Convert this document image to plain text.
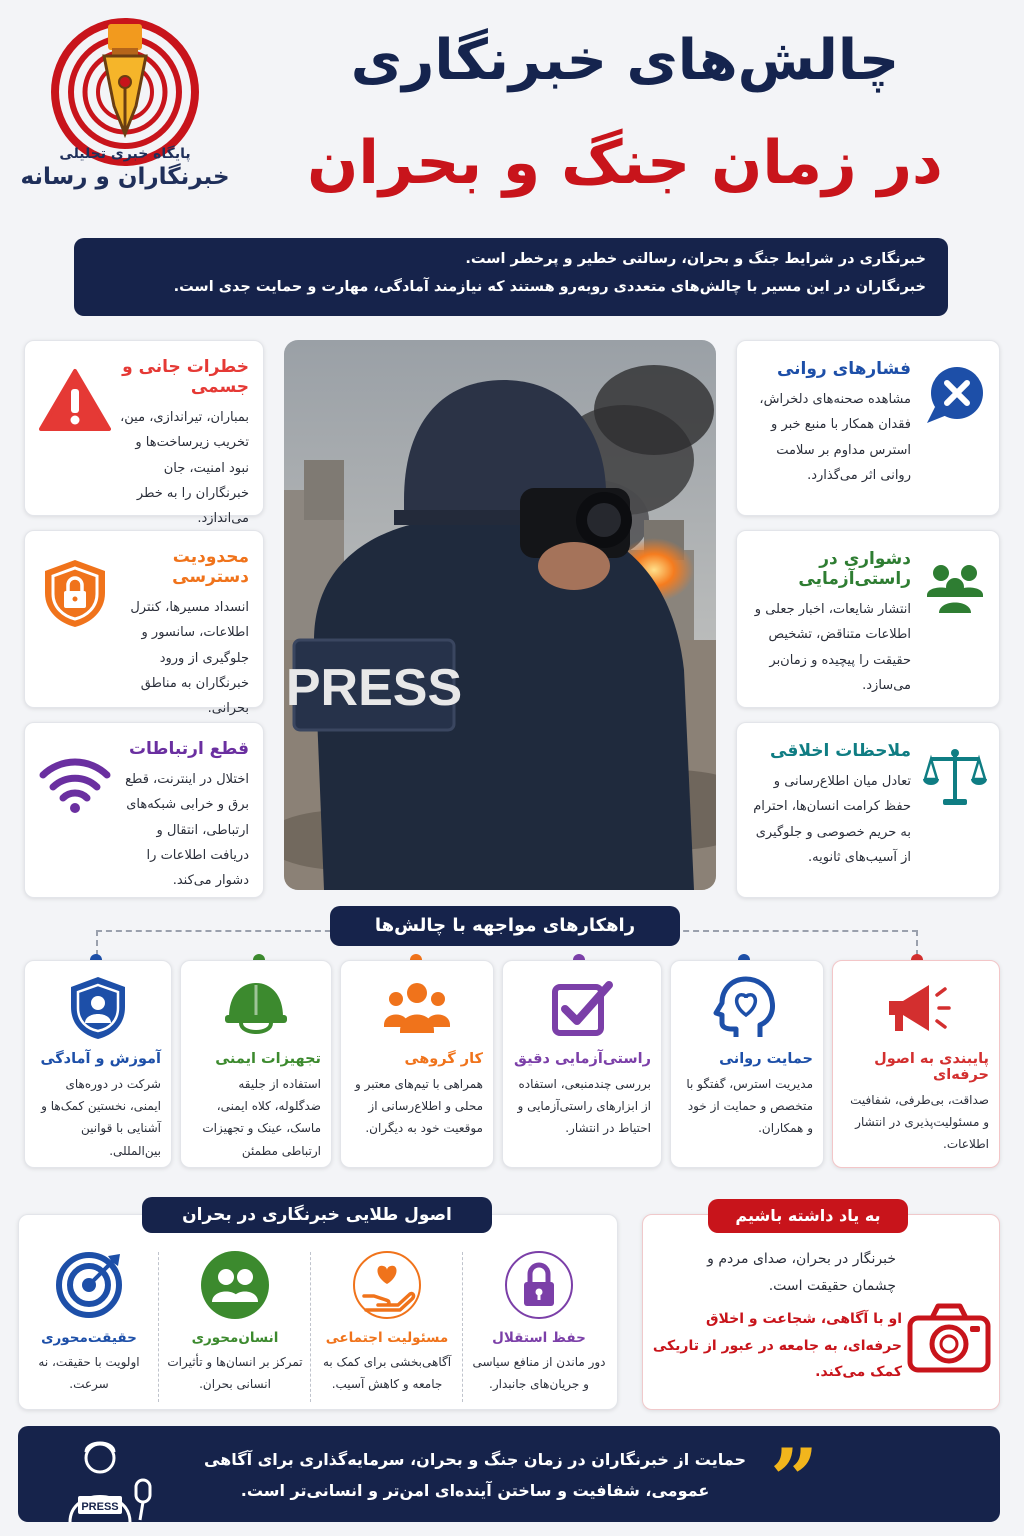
پایگاه خبری تحلیلی
خبرنگاران و رسانه
چالش‌های خبرنگاری
در زمان جنگ و بحران
خبرنگاری در شرایط جنگ و بحران، رسالتی خطیر و پرخطر است.
خبرنگاران در این مسیر با چالش‌های متعددی روبه‌رو هستند که نیازمند آمادگی، مهارت و حمایت جدی است.
خطرات جانی و جسمی
بمباران، تیراندازی، مین، تخریب زیرساخت‌ها و نبود امنیت، جان خبرنگاران را به خطر می‌اندازد.
محدودیت دسترسی
انسداد مسیرها، کنترل اطلاعات، سانسور و جلوگیری از ورود خبرنگاران به مناطق بحرانی.
قطع ارتباطات
اختلال در اینترنت، قطع برق و خرابی شبکه‌های ارتباطی، انتقال و دریافت اطلاعات را دشوار می‌کند.
PRESS
فشارهای روانی
مشاهده صحنه‌های دلخراش، فقدان همکار با منبع خبر و استرس مداوم بر سلامت روانی اثر می‌گذارد.
دشواری در راستی‌آزمایی
انتشار شایعات، اخبار جعلی و اطلاعات متناقض، تشخیص حقیقت را پیچیده و زمان‌بر می‌سازد.
ملاحظات اخلاقی
تعادل میان اطلاع‌رسانی و حفظ کرامت انسان‌ها، احترام به حریم خصوصی و جلوگیری از آسیب‌های ثانویه.
راهکارهای مواجهه با چالش‌ها
پایبندی به اصول حرفه‌ای
صداقت، بی‌طرفی، شفافیت و مسئولیت‌پذیری در انتشار اطلاعات.
حمایت روانی
مدیریت استرس، گفتگو با متخصص و حمایت از خود و همکاران.
راستی‌آزمایی دقیق
بررسی چندمنبعی، استفاده از ابزارهای راستی‌آزمایی و احتیاط در انتشار.
کار گروهی
همراهی با تیم‌های معتبر و محلی و اطلاع‌رسانی از موقعیت خود به دیگران.
تجهیزات ایمنی
استفاده از جلیقه ضدگلوله، کلاه ایمنی، ماسک، عینک و تجهیزات ارتباطی مطمئن
آموزش و آمادگی
شرکت در دوره‌های ایمنی، نخستین کمک‌ها و آشنایی با قوانین بین‌المللی.
اصول طلایی خبرنگاری در بحران
حفظ استقلال
دور ماندن از منافع سیاسی و جریان‌های جانبدار.
مسئولیت اجتماعی
آگاهی‌بخشی برای کمک به جامعه و کاهش آسیب.
انسان‌محوری
تمرکز بر انسان‌ها و تأثیرات انسانی بحران.
حقیقت‌محوری
اولویت با حقیقت، نه سرعت.
به یاد داشته باشیم
خبرنگار در بحران، صدای مردم و چشمان حقیقت است.
او با آگاهی، شجاعت و اخلاق حرفه‌ای، به جامعه در عبور از تاریکی کمک می‌کند.
PRESS
حمایت از خبرنگاران در زمان جنگ و بحران، سرمایه‌گذاری برای آگاهی عمومی، شفافیت و ساختن آینده‌ای امن‌تر و انسانی‌تر است. ”
